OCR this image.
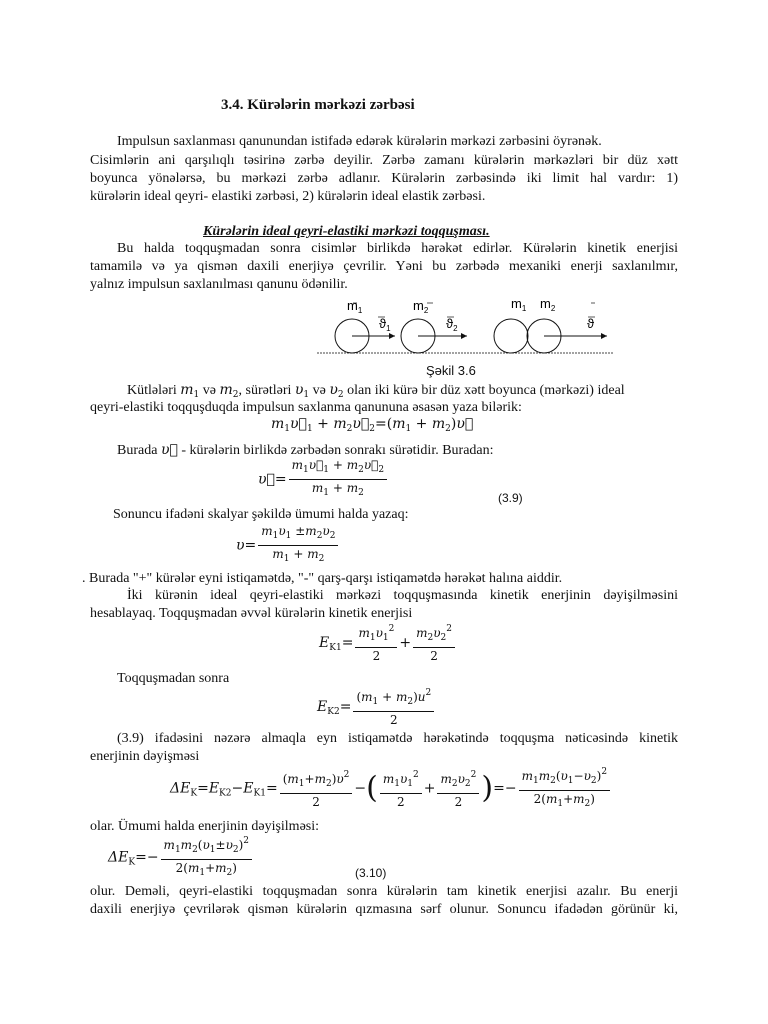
3.4. Kürələrin mərkəzi zərbəsi
Impulsun saxlanması qanunundan istifadə edərək kürələrin mərkəzi zərbəsini öyrənək.
Cisimlərin ani qarşılıqlı təsirinə zərbə deyilir. Zərbə zamanı kürələrin mərkəzləri bir düz xətt
boyunca yönələrsə, bu mərkəzi zərbə adlanır. Kürələrin zərbəsində iki limit hal vardır: 1)
kürələrin ideal qeyri- elastiki zərbəsi, 2) kürələrin ideal elastik zərbəsi.
Kürələrin ideal qeyri-elastiki mərkəzi toqquşması.
Bu halda toqquşmadan sonra cisimlər birlikdə hərəkət edirlər. Kürələrin kinetik enerjisi
tamamilə və ya qismən daxili enerjiyə çevrilir. Yəni bu zərbədə mexaniki enerji saxlanılmır,
yalnız impulsun saxlanılması qanunu ödənilir.
$m_1$
$ϑ_1$
$m_2$
$ϑ_2$
$m_1$ $m_2$
ϑ
Şəkil 3.6
Kütlələri $m_1$ və $m_2$, sürətləri $\upsilon_1$ və $\upsilon_2$ olan iki kürə bir düz xətt boyunca (mərkəzi) ideal
qeyri-elastiki toqquşduqda impulsun saxlanma qanununa əsasən yaza bilərik:
$m_1\upsilon⃗_1$ + $m_2\upsilon⃗_2=(m_1$ + $m_2)\upsilon⃗$
Burada υ⃗ - kürələrin birlikdə zərbədən sonrakı sürətidir. Buradan:
υ⃗= $\frac{m_1\upsilon⃗_1 + m_2\upsilon⃗_2}{m_1 + m_2}$	(3.9)
Sonuncu ifadəni skalyar şəkildə ümumi halda yazaq:
$\upsilon= \frac{m_1\upsilon_1 \pm m_2\upsilon_2}{m_1 + m_2}$
. Burada "+" kürələr eyni istiqamətdə, "-" qarş-qarşı istiqamətdə hərəkət halına aiddir.
İki kürənin ideal qeyri-elastiki mərkəzi toqquşmasında kinetik enerjinin dəyişilməsini
hesablayaq. Toqquşmadan əvvəl kürələrin kinetik enerjisi
$E_{K1}= \frac{m_1\upsilon_1^2}{2} + \frac{m_2\upsilon_2^2}{2}$
Toqquşmadan sonra
$E_{K2}= \frac{(m_1 + m_2)u^2}{2}$
(3.9) ifadəsini nəzərə almaqla eyn istiqamətdə hərəkətində toqquşma nəticəsində kinetik
enerjinin dəyişməsi
$\Delta E_K=E_{K2}-E_{K1}= \frac{(m_1+m_2)\upsilon^2}{2}$ −( $\frac{m_1\upsilon_1^2}{2} + \frac{m_2\upsilon_2^2}{2}$ )=− $\frac{m_1m_2(\upsilon_1-\upsilon_2)^2}{2(m_1+m_2)}$
olar. Ümumi halda enerjinin dəyişilməsi:
$\Delta E_K=- \frac{m_1m_2(\upsilon_1\pm\upsilon_2)^2}{2(m_1+m_2)}$	(3.10)
olur. Deməli, qeyri-elastiki toqquşmadan sonra kürələrin tam kinetik enerjisi azalır. Bu enerji
daxili enerjiyə çevrilərək qismən kürələrin qızmasına sərf olunur. Sonuncu ifadədən görünür ki,
